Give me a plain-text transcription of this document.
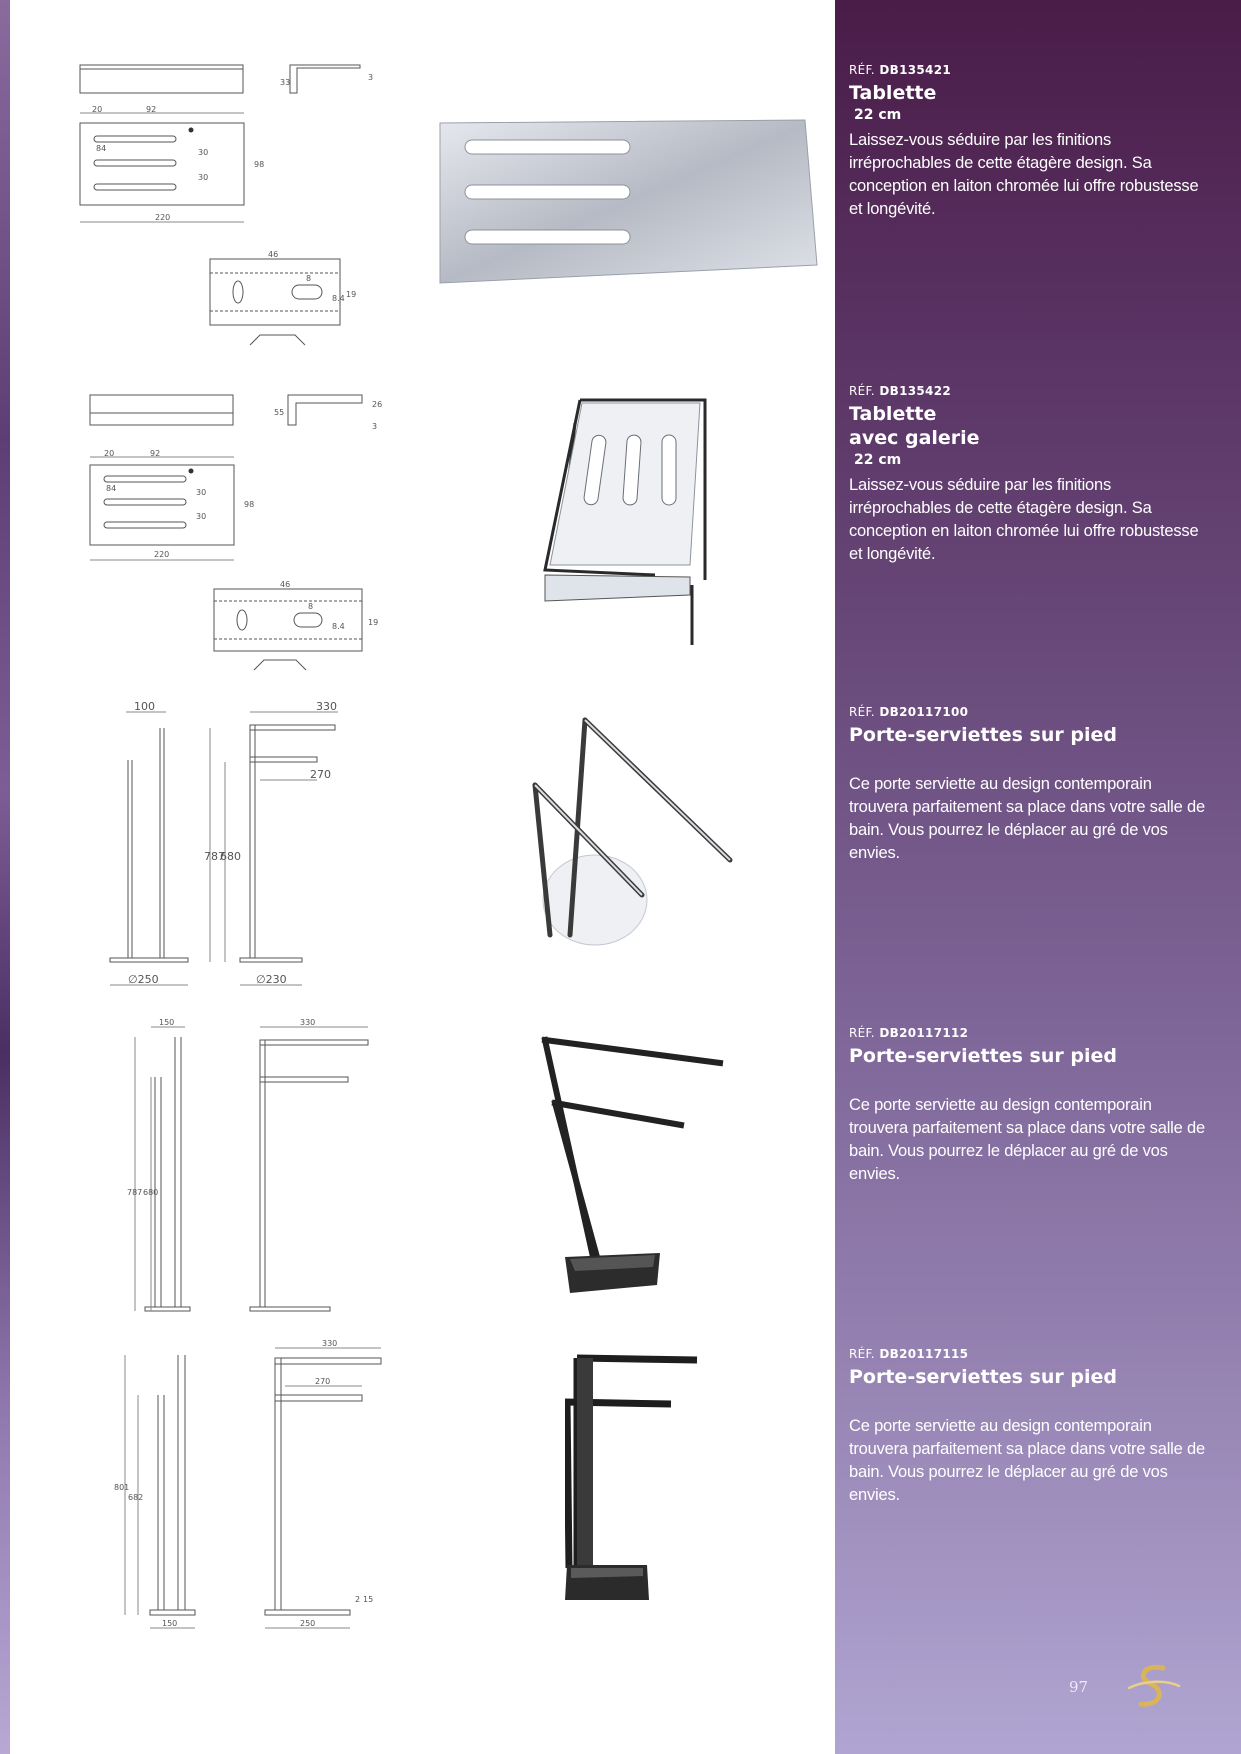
20	92
33
3
84	30
30
98
220
46
8
8.4 19
20	92
55
26
3
84	30
30
98
220
46
8
8.4	19
100	330
270
787
680
∅250	∅230
150	330
787 680
330
270
801
682
2 15
150	250

RÉF. DB135421

Tablette

22 cm

Laissez-vous séduire par les finitions irréprochables de cette étagère design. Sa conception en laiton chromée lui offre robustesse et longévité.

RÉF. DB135422

Tablette

avec galerie

22 cm

Laissez-vous séduire par les finitions irréprochables de cette étagère design. Sa conception en laiton chromée lui offre robustesse et longévité.

RÉF. DB20117100

Porte-serviettes sur pied

Ce porte serviette au design contemporain trouvera parfaitement sa place dans votre salle de bain. Vous pourrez le déplacer au gré de vos envies.

RÉF. DB20117112

Porte-serviettes sur pied

Ce porte serviette au design contemporain trouvera parfaitement sa place dans votre salle de bain. Vous pourrez le déplacer au gré de vos envies.

RÉF. DB20117115

Porte-serviettes sur pied

Ce porte serviette au design contemporain trouvera parfaitement sa place dans votre salle de bain. Vous pourrez le déplacer au gré de vos envies.

97
